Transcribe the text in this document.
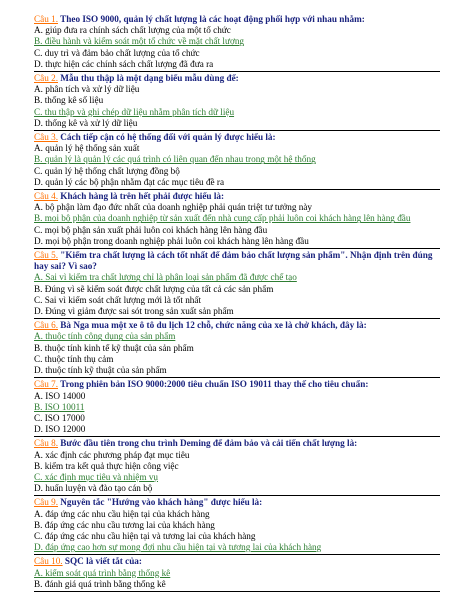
Câu 1. Theo ISO 9000, quản lý chất lượng là các hoạt động phối hợp với nhau nhằm:
A. giúp đưa ra chính sách chất lượng của một tổ chức
B. điều hành và kiểm soát một tổ chức về mặt chất lượng
C. duy trì và đảm bảo chất lượng của tổ chức
D. thực hiện các chính sách chất lượng đã đưa ra
Câu 2. Mẫu thu thập là một dạng biểu mẫu dùng để:
A. phân tích và xử lý dữ liệu
B. thống kê số liệu
C. thu thập và ghi chép dữ liệu nhằm phân tích dữ liệu
D. thống kê và xử lý dữ liệu
Câu 3. Cách tiếp cận có hệ thống đối với quản lý được hiểu là:
A. quản lý hệ thống sản xuất
B. quản lý là quản lý các quá trình có liên quan đến nhau trong một hệ thống
C. quản lý hệ thống chất lượng đồng bộ
D. quản lý các bộ phận nhằm đạt các mục tiêu đề ra
Câu 4. Khách hàng là trên hết phải được hiểu là:
A. bộ phận làm đạo đức nhất của doanh nghiệp phải quán triệt tư tưởng này
B. mọi bộ phận của doanh nghiệp từ sản xuất đến nhà cung cấp phải luôn coi khách hàng lên hàng đầu
C. mọi bộ phận sản xuất phải luôn coi khách hàng lên hàng đầu
D. mọi bộ phận trong doanh nghiệp phải luôn coi khách hàng lên hàng đầu
Câu 5. "Kiểm tra chất lượng là cách tốt nhất để đảm bảo chất lượng sản phẩm". Nhận định trên đúng hay sai? Vì sao?
A. Sai vì kiểm tra chất lượng chỉ là phân loại sản phẩm đã được chế tạo
B. Đúng vì sẽ kiểm soát được chất lượng của tất cả các sản phẩm
C. Sai vì kiểm soát chất lượng mới là tốt nhất
D. Đúng vì giảm được sai sót trong sản xuất sản phẩm
Câu 6. Bà Nga mua một xe ô tô du lịch 12 chỗ, chức năng của xe là chở khách, đây là:
A. thuộc tính công dụng của sản phẩm
B. thuộc tính kinh tế kỹ thuật của sản phẩm
C. thuộc tính thụ cảm
D. thuộc tính kỹ thuật của sản phẩm
Câu 7. Trong phiên bản ISO 9000:2000 tiêu chuẩn ISO 19011 thay thế cho tiêu chuẩn:
A. ISO 14000
B. ISO 10011
C. ISO 17000
D. ISO 12000
Câu 8. Bước đầu tiên trong chu trình Deming để đảm bảo và cải tiến chất lượng là:
A. xác định các phương pháp đạt mục tiêu
B. kiểm tra kết quả thực hiện công việc
C. xác định mục tiêu và nhiệm vụ
D. huấn luyện và đào tạo cán bộ
Câu 9. Nguyên tắc "Hướng vào khách hàng" được hiểu là:
A. đáp ứng các nhu cầu hiện tại của khách hàng
B. đáp ứng các nhu cầu tương lai của khách hàng
C. đáp ứng các nhu cầu hiện tại và tương lai của khách hàng
D. đáp ứng cao hơn sự mong đợi nhu cầu hiện tại và tương lai của khách hàng
Câu 10. SQC là viết tắt của:
A. kiểm soát quá trình bằng thống kê
B. đánh giá quá trình bằng thống kê
